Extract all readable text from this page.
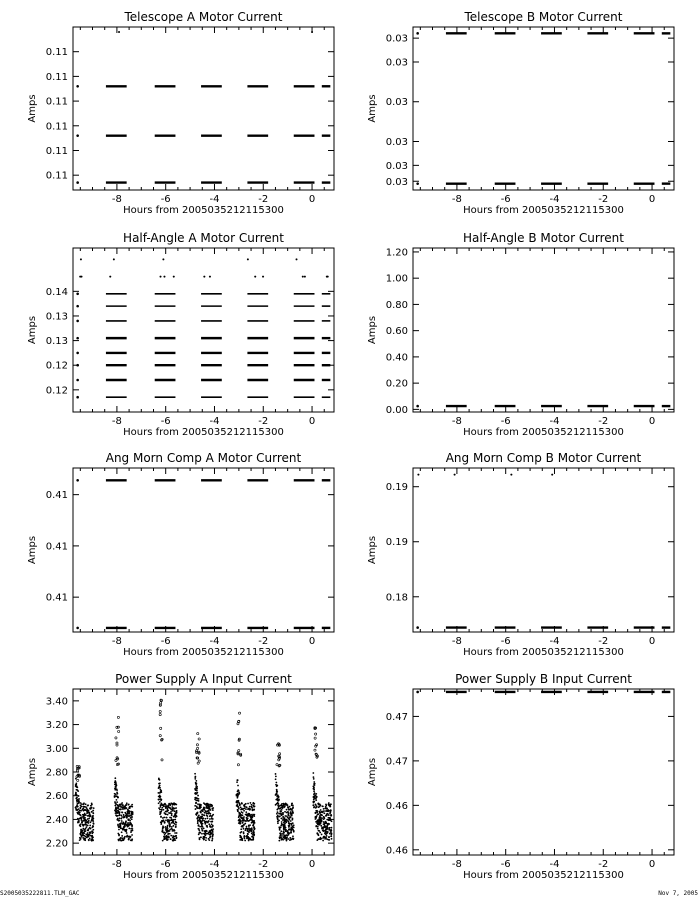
Telescope A Motor Current
Hours from 2005035212115300
Amps
-8	-6	-4	-2	0
0.11
0.11
0.11
0.11
0.11
0.11
Telescope B Motor Current
Hours from 2005035212115300
Amps
-8	-6	-4	-2	0
0.03
0.03
0.03
0.03
0.03
0.03
Half-Angle A Motor Current
Hours from 2005035212115300
Amps
-8	-6	-4	-2	0
0.12
0.12
0.13
0.13
0.14
Half-Angle B Motor Current
Hours from 2005035212115300
Amps
-8	-6	-4	-2	0
0.00
0.20
0.40
0.60
0.80
1.00
1.20
Ang Morn Comp A Motor Current
Hours from 2005035212115300
Amps
-8	-6	-4	-2	0
0.41
0.41
0.41
Ang Morn Comp B Motor Current
Hours from 2005035212115300
Amps
-8	-6	-4	-2	0
0.18
0.19
0.19
Power Supply A Input Current
Hours from 2005035212115300
Amps
-8	-6	-4	-2	0
2.20
2.40
2.60
2.80
3.00
3.20
3.40
Power Supply B Input Current
Hours from 2005035212115300
Amps
-8	-6	-4	-2	0
0.46
0.46
0.47
0.47
S2005035222811.TLM_GAC	Nov 7, 2005
